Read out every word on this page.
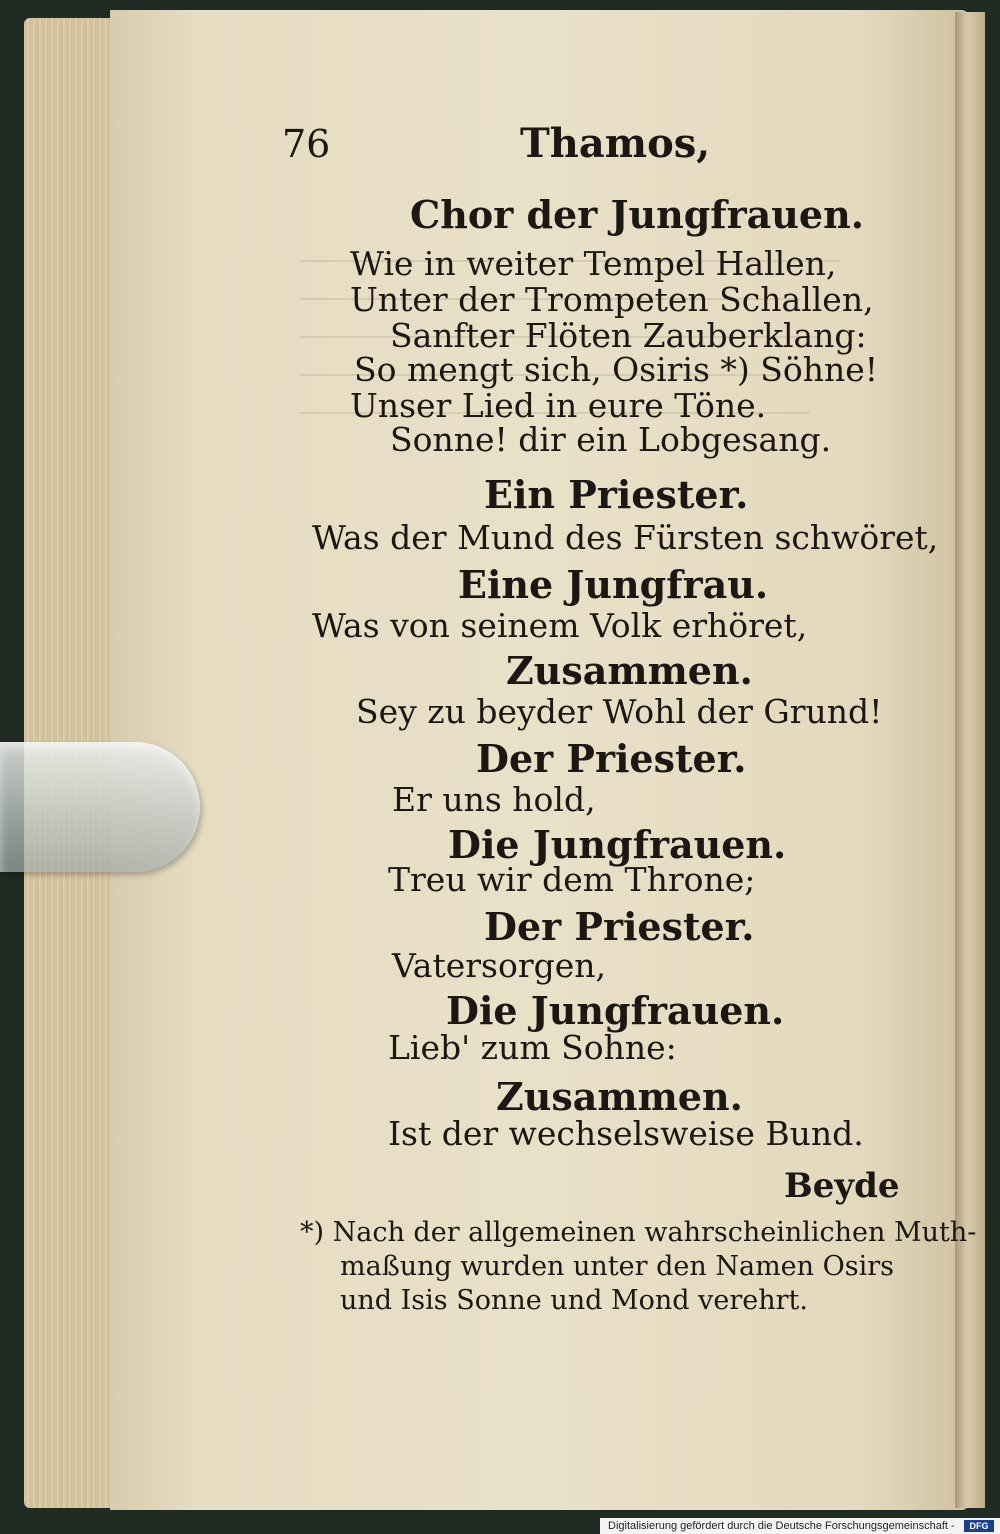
76	Thamos,
Chor der Jungfrauen.
Wie in weiter Tempel Hallen,
Unter der Trompeten Schallen,
Sanfter Flöten Zauberklang:
So mengt sich, Osiris *) Söhne!
Unser Lied in eure Töne.
Sonne! dir ein Lobgesang.
Ein Priester.
Was der Mund des Fürsten schwöret,
Eine Jungfrau.
Was von seinem Volk erhöret,
Zusammen.
Sey zu beyder Wohl der Grund!
Der Priester.
Er uns hold,
Die Jungfrauen.
Treu wir dem Throne;
Der Priester.
Vatersorgen,
Die Jungfrauen.
Lieb' zum Sohne:
Zusammen.
Ist der wechselsweise Bund.
Beyde
*) Nach der allgemeinen wahrscheinlichen Muth-
maßung wurden unter den Namen Osirs
und Isis Sonne und Mond verehrt.
Digitalisierung gefördert durch die Deutsche Forschungsgemeinschaft -	DFG
